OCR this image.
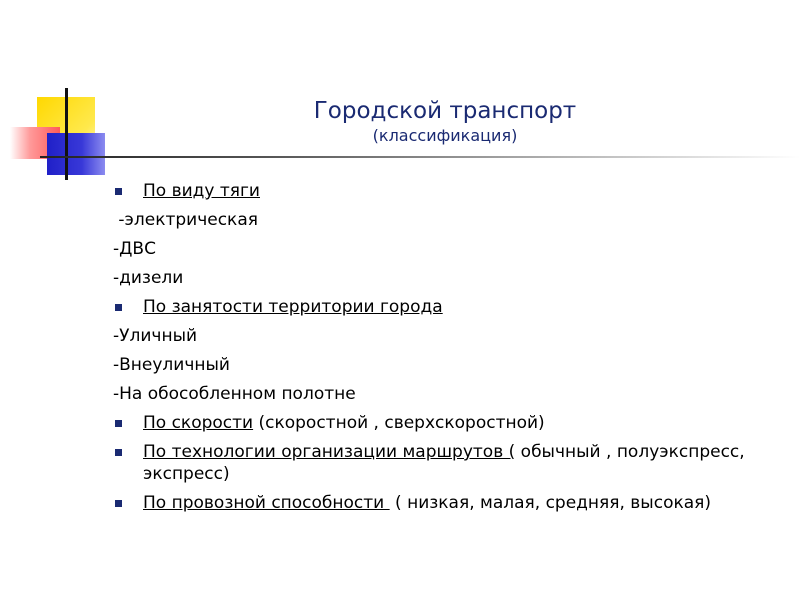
Городской транспорт
(классификация)
По виду тяги
-электрическая
-ДВС
-дизели
По занятости территории города
-Уличный
-Внеуличный
-На обособленном полотне
По скорости (скоростной , сверхскоростной)
По технологии организации маршрутов ( обычный , полуэкспресс, экспресс)
По провозной способности  ( низкая, малая, средняя, высокая)
